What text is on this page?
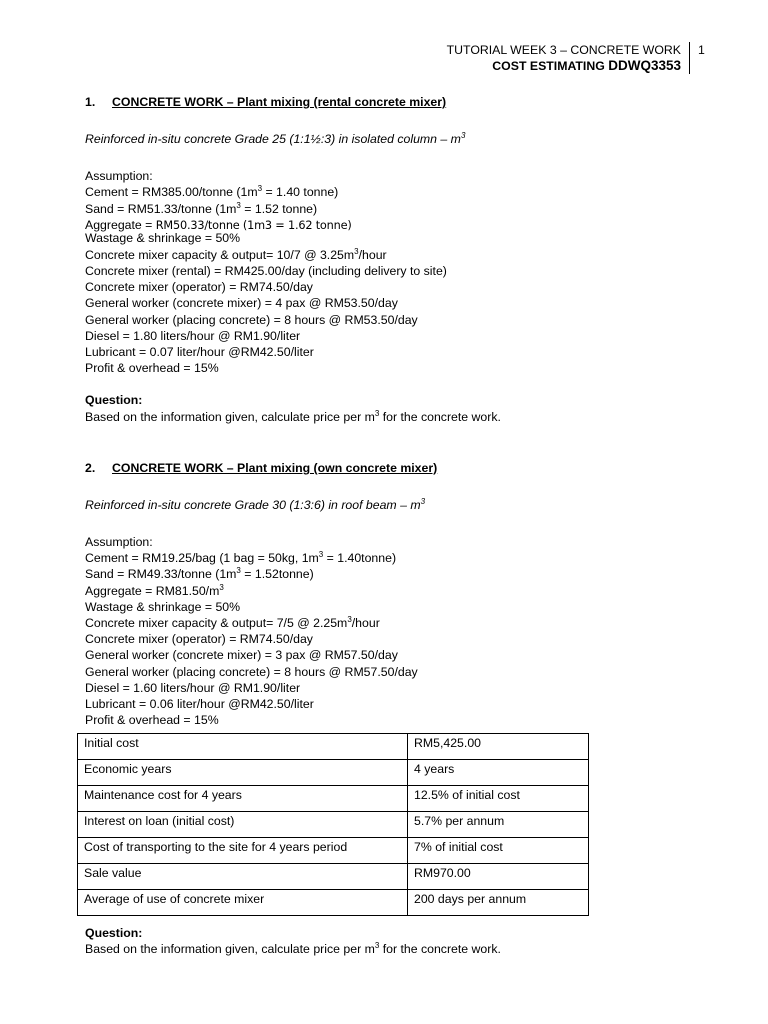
TUTORIAL WEEK 3 – CONCRETE WORK
COST ESTIMATING DDWQ3353
1

1. CONCRETE WORK – Plant mixing (rental concrete mixer)

Reinforced in-situ concrete Grade 25 (1:1½:3) in isolated column – $m^3$

Assumption:

Cement = RM385.00/tonne ($1m^3 = 1.40$ tonne)

Sand = RM51.33/tonne ($1m^3 = 1.52$ tonne)

Aggregate = RM50.33/tonne (1m3 = 1.62 tonne)

Wastage & shrinkage = 50%

Concrete mixer capacity & output= 10/7 @ $3.25m^3$/hour

Concrete mixer (rental) = RM425.00/day (including delivery to site)

Concrete mixer (operator) = RM74.50/day

General worker (concrete mixer) = 4 pax @ RM53.50/day

General worker (placing concrete) = 8 hours @ RM53.50/day

Diesel = 1.80 liters/hour @ RM1.90/liter

Lubricant = 0.07 liter/hour @RM42.50/liter

Profit & overhead = 15%

Question:

Based on the information given, calculate price per $m^3$ for the concrete work.

2. CONCRETE WORK – Plant mixing (own concrete mixer)

Reinforced in-situ concrete Grade 30 (1:3:6) in roof beam – $m^3$

Assumption:

Cement = RM19.25/bag (1 bag = 50kg, $1m^3$ = 1.40tonne)

Sand = RM49.33/tonne ($1m^3$ = 1.52tonne)

Aggregate = $RM81.50/m^3$

Wastage & shrinkage = 50%

Concrete mixer capacity & output= 7/5 @ $2.25m^3$/hour

Concrete mixer (operator) = RM74.50/day

General worker (concrete mixer) = 3 pax @ RM57.50/day

General worker (placing concrete) = 8 hours @ RM57.50/day

Diesel = 1.60 liters/hour @ RM1.90/liter

Lubricant = 0.06 liter/hour @RM42.50/liter

Profit & overhead = 15%

Initial cost	RM5,425.00
Economic years	4 years
Maintenance cost for 4 years	12.5% of initial cost
Interest on loan (initial cost)	5.7% per annum
Cost of transporting to the site for 4 years period	7% of initial cost
Sale value	RM970.00
Average of use of concrete mixer	200 days per annum

Question:

Based on the information given, calculate price per $m^3$ for the concrete work.
